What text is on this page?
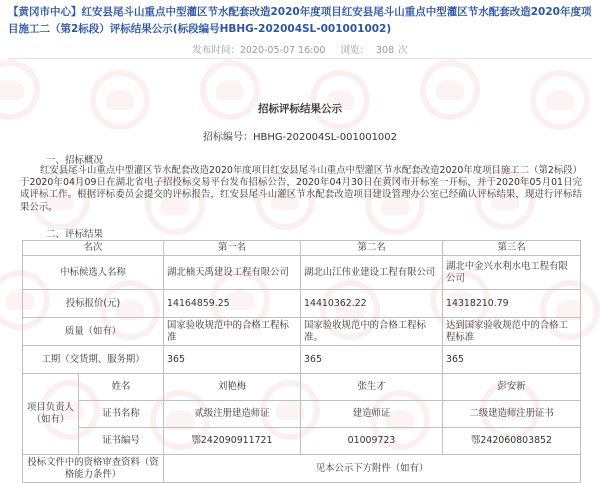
【黄冈市中心】红安县尾斗山重点中型灌区节水配套改造2020年度项目红安县尾斗山重点中型灌区节水配套改造2020年度项目施工二（第2标段）评标结果公示(标段编号HBHG-202004SL-001001002)
发布时间：2020-05-07 16:00 浏览： 308 次
招标评标结果公示
招标编号：HBHG-202004SL-001001002
一、招标概况
红安县尾斗山重点中型灌区节水配套改造2020年度项目红安县尾斗山重点中型灌区节水配套改造2020年度项目施工二（第2标段）于2020年04月09日在湖北省电子招投标交易平台发布招标公告，2020年04月30日在黄冈市开标室一开标，并于2020年05月01日完成评标工作。根据评标委员会提交的评标报告，红安县尾斗山灌区节水配套改造项目建设管理办公室已经确认评标结果，现进行评标结果公示。
二、评标结果
名次		第一名	第二名	第三名
中标候选人名称		湖北楠天禹建设工程有限公司	湖北山江伟业建设工程有限公司	湖北中金兴水利水电工程有限公司
投标报价(元)		14164859.25	14410362.22	14318210.79
质量（如有）		国家验收规范中的合格工程标准	国家验收规范中的合格工程标准。	达到国家验收规范中的合格工程标准
工期（交货期、服务期）		365	365	365
项目负责人（如有）	姓名	刘艳梅	张生才	彭安新
	证书名称	贰级注册建造师证	建造师证	二级建造师注册证书
	证书编号	鄂242090911721	01009723	鄂242060803852
投标文件中的资格审查资料（资格能力条件）		见本公示下方附件（如有）		
